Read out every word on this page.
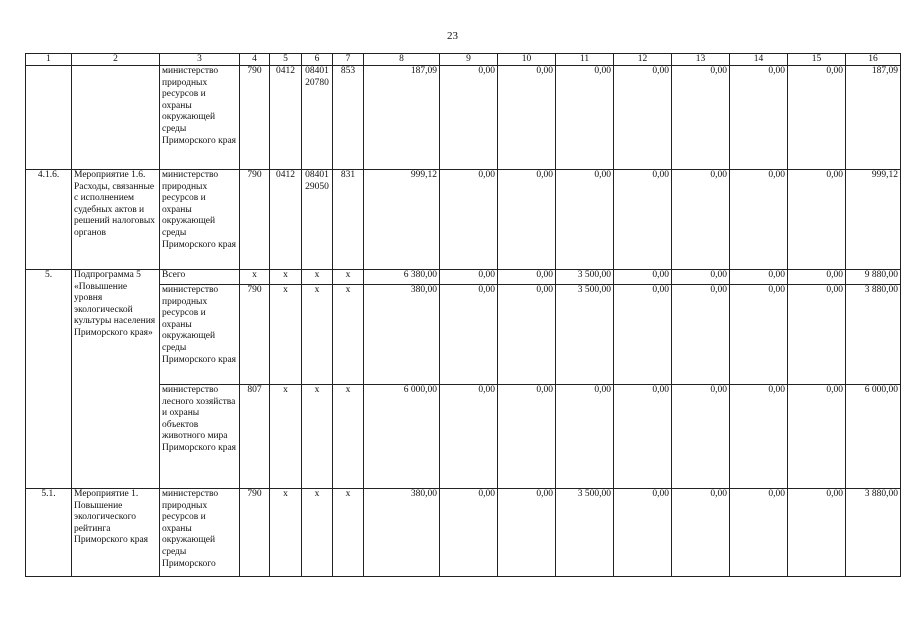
23
1	2	3	4	5	6	7	8	9	10	11	12	13	14	15	16
		министерство природных ресурсов и охраны окружающей среды Приморского края	790	0412	08401 20780	853	187,09	0,00	0,00	0,00	0,00	0,00	0,00	0,00	187,09
4.1.6.	Мероприятие 1.6. Расходы, связанные с исполнением судебных актов и решений налоговых органов	министерство природных ресурсов и охраны окружающей среды Приморского края	790	0412	08401 29050	831	999,12	0,00	0,00	0,00	0,00	0,00	0,00	0,00	999,12
5.	Подпрограмма 5 «Повышение уровня экологической культуры населения Приморского края»	Всего	х	х	х	х	6 380,00	0,00	0,00	3 500,00	0,00	0,00	0,00	0,00	9 880,00
		министерство природных ресурсов и охраны окружающей среды Приморского края	790	х	х	х	380,00	0,00	0,00	3 500,00	0,00	0,00	0,00	0,00	3 880,00
		министерство лесного хозяйства и охраны объектов животного мира Приморского края	807	х	х	х	6 000,00	0,00	0,00	0,00	0,00	0,00	0,00	0,00	6 000,00
5.1.	Мероприятие 1. Повышение экологического рейтинга Приморского края	министерство природных ресурсов и охраны окружающей среды Приморского	790	х	х	х	380,00	0,00	0,00	3 500,00	0,00	0,00	0,00	0,00	3 880,00
